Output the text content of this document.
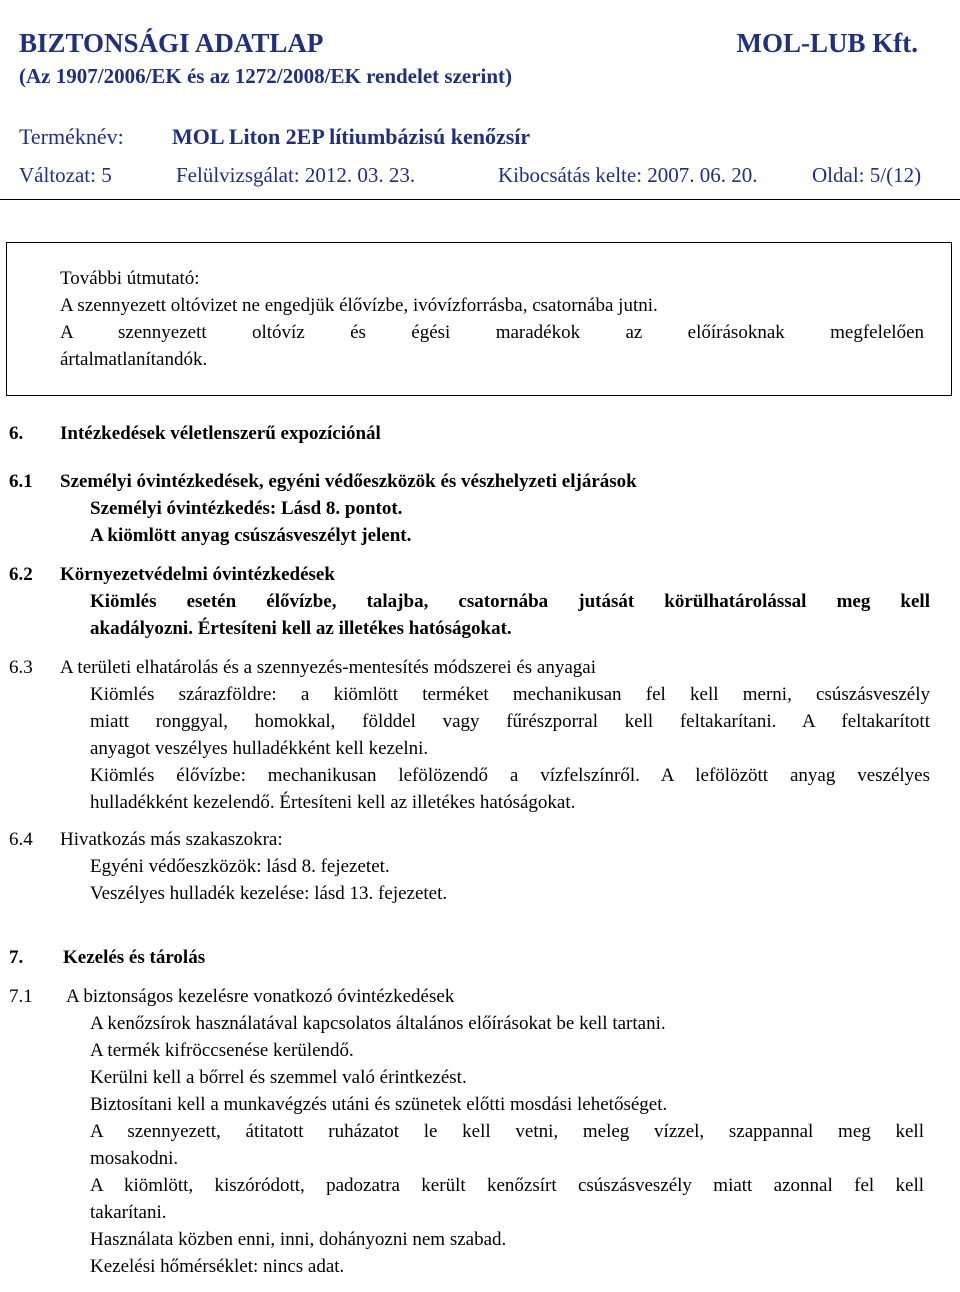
BIZTONSÁGI ADATLAP	MOL-LUB Kft.
(Az 1907/2006/EK és az 1272/2008/EK rendelet szerint)
Terméknév: MOL Liton 2EP lítiumbázisú kenőzsír
Változat: 5	Felülvizsgálat: 2012. 03. 23.	Kibocsátás kelte: 2007. 06. 20.	Oldal: 5/(12)
További útmutató:
A szennyezett oltóvizet ne engedjük élővízbe, ivóvízforrásba, csatornába jutni.
A szennyezett oltóvíz és égési maradékok az előírásoknak megfelelően
ártalmatlanítandók.
6. Intézkedések véletlenszerű expozíciónál
6.1 Személyi óvintézkedések, egyéni védőeszközök és vészhelyzeti eljárások
Személyi óvintézkedés: Lásd 8. pontot.
A kiömlött anyag csúszásveszélyt jelent.
6.2 Környezetvédelmi óvintézkedések
Kiömlés esetén élővízbe, talajba, csatornába jutását körülhatárolással meg kell
akadályozni. Értesíteni kell az illetékes hatóságokat.
6.3 A területi elhatárolás és a szennyezés-mentesítés módszerei és anyagai
Kiömlés szárazföldre: a kiömlött terméket mechanikusan fel kell merni, csúszásveszély
miatt ronggyal, homokkal, földdel vagy fűrészporral kell feltakarítani. A feltakarított
anyagot veszélyes hulladékként kell kezelni.
Kiömlés élővízbe: mechanikusan lefölözendő a vízfelszínről. A lefölözött anyag veszélyes
hulladékként kezelendő. Értesíteni kell az illetékes hatóságokat.
6.4 Hivatkozás más szakaszokra:
Egyéni védőeszközök: lásd 8. fejezetet.
Veszélyes hulladék kezelése: lásd 13. fejezetet.
7. Kezelés és tárolás
7.1 A biztonságos kezelésre vonatkozó óvintézkedések
A kenőzsírok használatával kapcsolatos általános előírásokat be kell tartani.
A termék kifröccsenése kerülendő.
Kerülni kell a bőrrel és szemmel való érintkezést.
Biztosítani kell a munkavégzés utáni és szünetek előtti mosdási lehetőséget.
A szennyezett, átitatott ruházatot le kell vetni, meleg vízzel, szappannal meg kell
mosakodni.
A kiömlött, kiszóródott, padozatra került kenőzsírt csúszásveszély miatt azonnal fel kell
takarítani.
Használata közben enni, inni, dohányozni nem szabad.
Kezelési hőmérséklet: nincs adat.
